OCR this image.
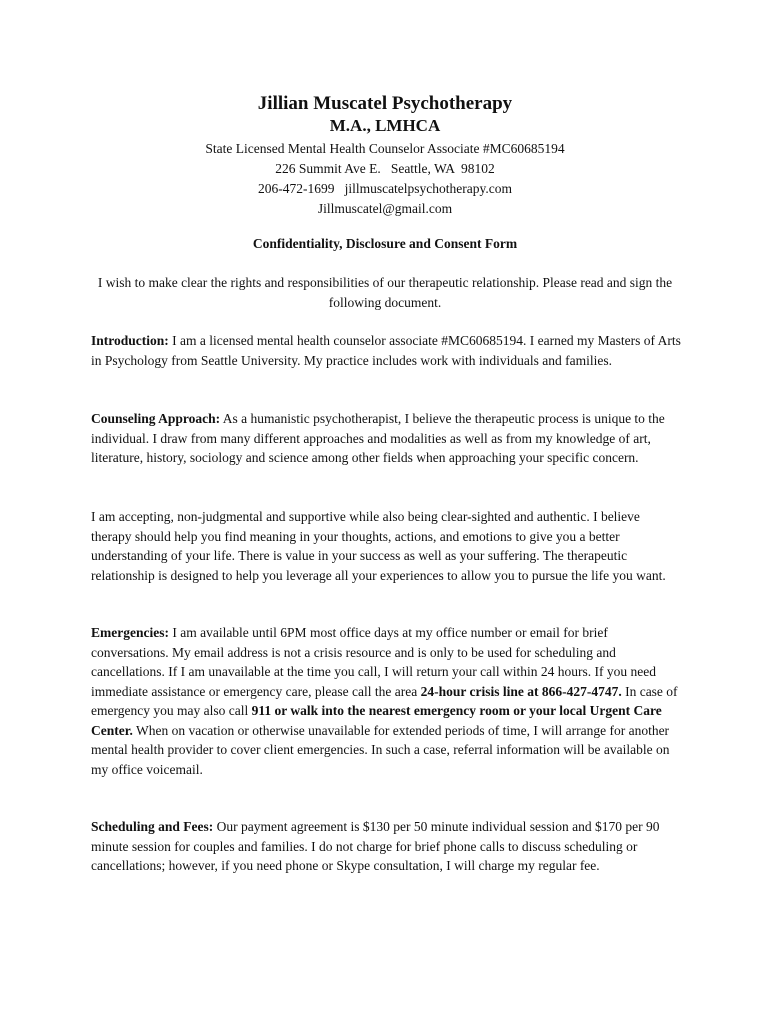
Jillian Muscatel Psychotherapy

M.A., LMHCA

State Licensed Mental Health Counselor Associate #MC60685194

226 Summit Ave E.   Seattle, WA  98102

206-472-1699   jillmuscatelpsychotherapy.com

Jillmuscatel@gmail.com

Confidentiality, Disclosure and Consent Form

I wish to make clear the rights and responsibilities of our therapeutic relationship. Please read and sign the following document.

Introduction: I am a licensed mental health counselor associate #MC60685194. I earned my Masters of Arts in Psychology from Seattle University. My practice includes work with individuals and families.

Counseling Approach: As a humanistic psychotherapist, I believe the therapeutic process is unique to the individual. I draw from many different approaches and modalities as well as from my knowledge of art, literature, history, sociology and science among other fields when approaching your specific concern.

I am accepting, non-judgmental and supportive while also being clear-sighted and authentic. I believe therapy should help you find meaning in your thoughts, actions, and emotions to give you a better understanding of your life. There is value in your success as well as your suffering. The therapeutic relationship is designed to help you leverage all your experiences to allow you to pursue the life you want.

Emergencies: I am available until 6PM most office days at my office number or email for brief conversations. My email address is not a crisis resource and is only to be used for scheduling and cancellations. If I am unavailable at the time you call, I will return your call within 24 hours. If you need immediate assistance or emergency care, please call the area 24-hour crisis line at 866-427-4747. In case of emergency you may also call 911 or walk into the nearest emergency room or your local Urgent Care Center. When on vacation or otherwise unavailable for extended periods of time, I will arrange for another mental health provider to cover client emergencies. In such a case, referral information will be available on my office voicemail.

Scheduling and Fees: Our payment agreement is $130 per 50 minute individual session and $170 per 90 minute session for couples and families. I do not charge for brief phone calls to discuss scheduling or cancellations; however, if you need phone or Skype consultation, I will charge my regular fee.
